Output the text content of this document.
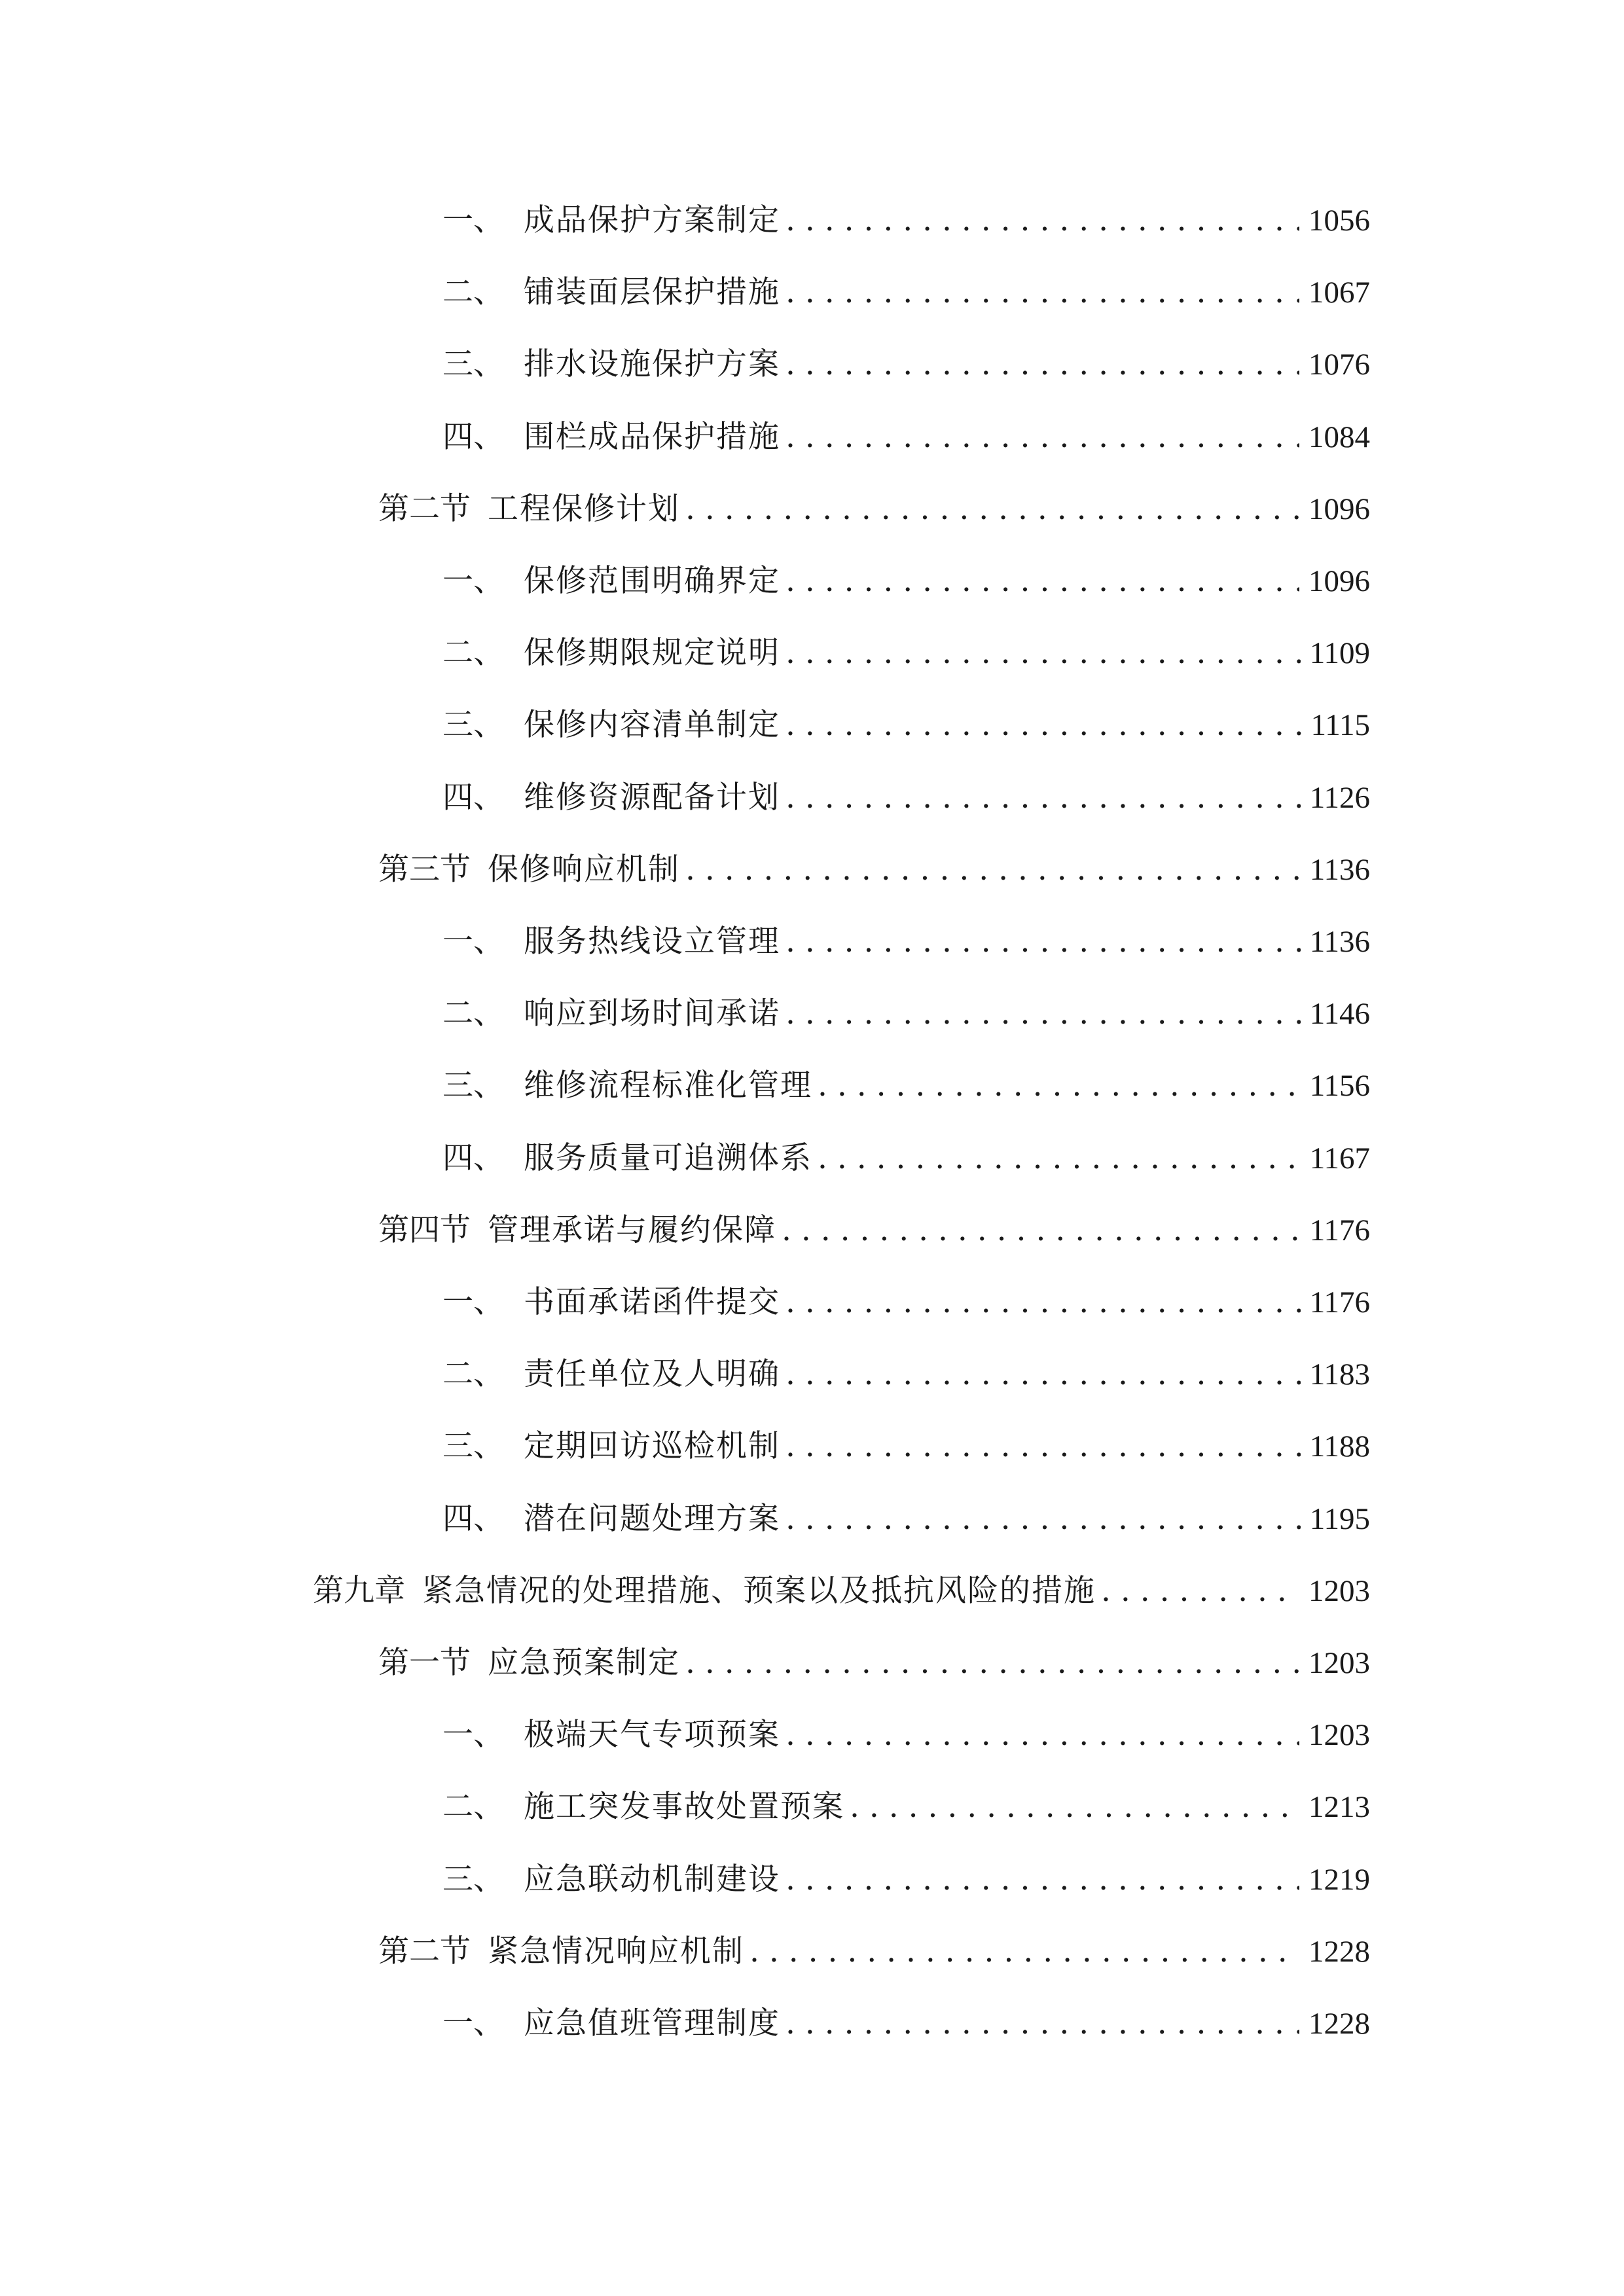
一、 成品保护方案制定 . . .	1056
二、 铺装面层保护措施 . . .	1067
三、 排水设施保护方案 . . .	1076
四、 围栏成品保护措施 . . .	1084
第二节 工程保修计划 . . .	1096
一、 保修范围明确界定 . . .	1096
二、 保修期限规定说明 . . .	1109
三、 保修内容清单制定 . . .	1115
四、 维修资源配备计划 . . .	1126
第三节 保修响应机制 . . .	1136
一、 服务热线设立管理 . . .	1136
二、 响应到场时间承诺 . . .	1146
三、 维修流程标准化管理 . . .	1156
四、 服务质量可追溯体系 . . .	1167
第四节 管理承诺与履约保障 . . .	1176
一、 书面承诺函件提交 . . .	1176
二、 责任单位及人明确 . . .	1183
三、 定期回访巡检机制 . . .	1188
四、 潜在问题处理方案 . . .	1195
第九章 紧急情况的处理措施、预案以及抵抗风险的措施 . . .	1203
第一节 应急预案制定 . . .	1203
一、 极端天气专项预案 . . .	1203
二、 施工突发事故处置预案 . . .	1213
三、 应急联动机制建设 . . .	1219
第二节 紧急情况响应机制 . . .	1228
一、 应急值班管理制度 . . .	1228
